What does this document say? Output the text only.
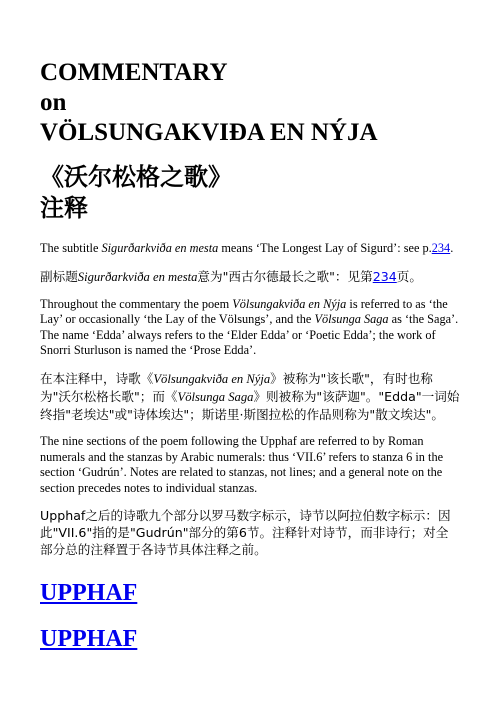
COMMENTARY
on
VÖLSUNGAKVIÐA EN NÝJA
《沃尔松格之歌》
注释

The subtitle Sigurðarkviða en mesta means ‘The Longest Lay of Sigurd’: see p.234.

副标题Sigurðarkviða en mesta意为"西古尔德最长之歌"：见第234页。

Throughout the commentary the poem Völsungakviða en Nýja is referred to as ‘the Lay’ or occasionally ‘the Lay of the Völsungs’, and the Völsunga Saga as ‘the Saga’. The name ‘Edda’ always refers to the ‘Elder Edda’ or ‘Poetic Edda’; the work of Snorri Sturluson is named the ‘Prose Edda’.

在本注释中，诗歌《Völsungakviða en Nýja》被称为"该长歌"，有时也称为"沃尔松格长歌"；而《Völsunga Saga》则被称为"该萨迦"。"Edda"一词始终指"老埃达"或"诗体埃达"；斯诺里·斯图拉松的作品则称为"散文埃达"。

The nine sections of the poem following the Upphaf are referred to by Roman numerals and the stanzas by Arabic numerals: thus ‘VII.6’ refers to stanza 6 in the section ‘Gudrún’. Notes are related to stanzas, not lines; and a general note on the section precedes notes to individual stanzas.

Upphaf之后的诗歌九个部分以罗马数字标示，诗节以阿拉伯数字标示：因此"VII.6"指的是"Gudrún"部分的第6节。注释针对诗节，而非诗行；对全部分总的注释置于各诗节具体注释之前。

UPPHAF
UPPHAF
